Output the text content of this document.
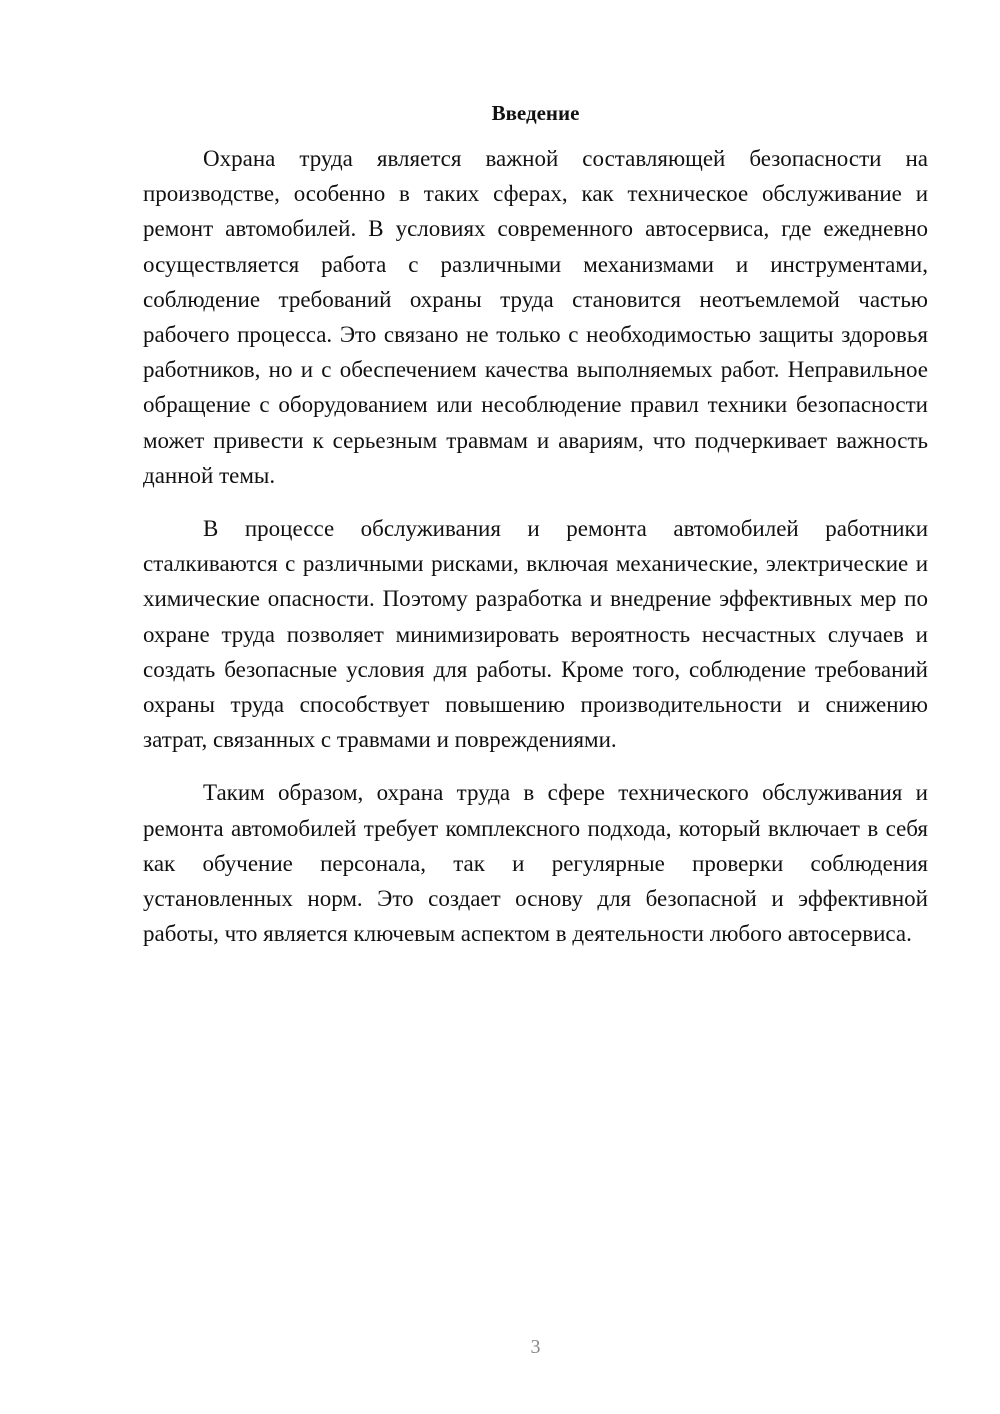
Введение

Охрана труда является важной составляющей безопасности на производстве, особенно в таких сферах, как техническое обслуживание и ремонт автомобилей. В условиях современного автосервиса, где ежедневно осуществляется работа с различными механизмами и инструментами, соблюдение требований охраны труда становится неотъемлемой частью рабочего процесса. Это связано не только с необходимостью защиты здоровья работников, но и с обеспечением качества выполняемых работ. Неправильное обращение с оборудованием или несоблюдение правил техники безопасности может привести к серьезным травмам и авариям, что подчеркивает важность данной темы.

В процессе обслуживания и ремонта автомобилей работники сталкиваются с различными рисками, включая механические, электрические и химические опасности. Поэтому разработка и внедрение эффективных мер по охране труда позволяет минимизировать вероятность несчастных случаев и создать безопасные условия для работы. Кроме того, соблюдение требований охраны труда способствует повышению производительности и снижению затрат, связанных с травмами и повреждениями.

Таким образом, охрана труда в сфере технического обслуживания и ремонта автомобилей требует комплексного подхода, который включает в себя как обучение персонала, так и регулярные проверки соблюдения установленных норм. Это создает основу для безопасной и эффективной работы, что является ключевым аспектом в деятельности любого автосервиса.

3
